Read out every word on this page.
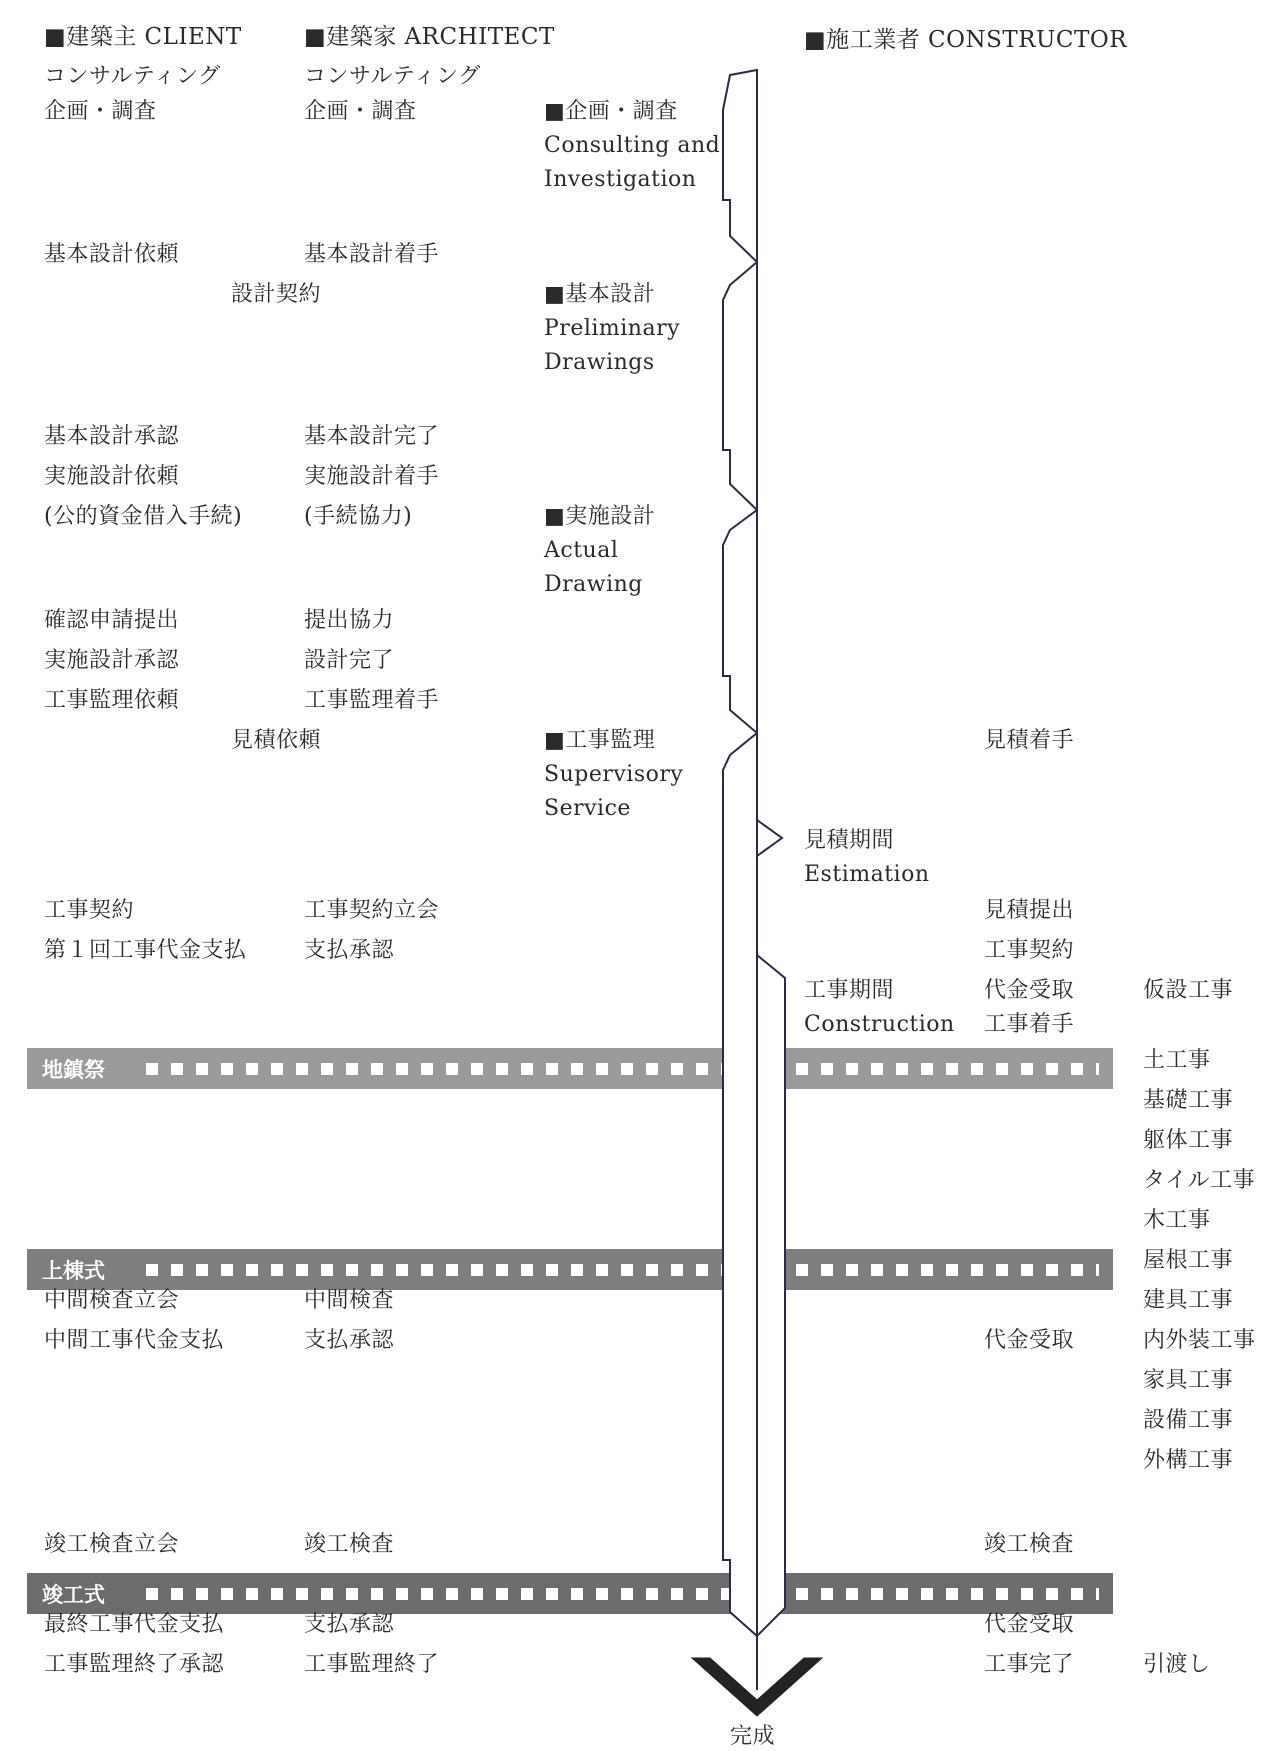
地鎮祭
上棟式
竣工式
■建築主 CLIENT	■建築家 ARCHITECT	■施工業者 CONSTRUCTOR
コンサルティング
企画・調査
基本設計依頼
基本設計承認
実施設計依頼
(公的資金借入手続)
確認申請提出
実施設計承認
工事監理依頼
工事契約
第１回工事代金支払
中間検査立会
中間工事代金支払
竣工検査立会
最終工事代金支払
工事監理終了承認
コンサルティング
企画・調査
基本設計着手
基本設計完了
実施設計着手
(手続協力)
提出協力
設計完了
工事監理着手
工事契約立会
支払承認
中間検査
支払承認
竣工検査
支払承認
工事監理終了
設計契約
見積依頼
■企画・調査
Consulting and
Investigation
■基本設計
Preliminary
Drawings
■実施設計
Actual
Drawing
■工事監理
Supervisory
Service
見積期間
Estimation
工事期間
Construction
見積着手
見積提出
工事契約
代金受取
工事着手
代金受取
竣工検査
代金受取
工事完了
仮設工事
土工事
基礎工事
躯体工事
タイル工事
木工事
屋根工事
建具工事
内外装工事
家具工事
設備工事
外構工事
引渡し
完成
